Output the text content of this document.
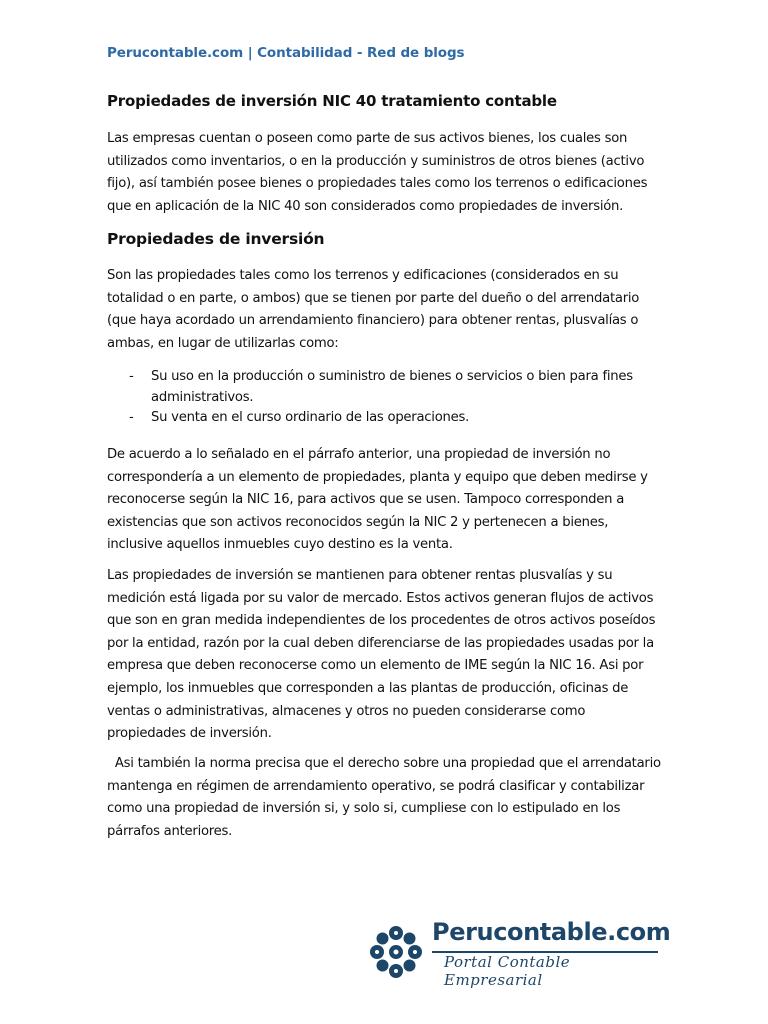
Perucontable.com | Contabilidad - Red de blogs
Propiedades de inversión NIC 40 tratamiento contable

Las empresas cuentan o poseen como parte de sus activos bienes, los cuales son utilizados como inventarios, o en la producción y suministros de otros bienes (activo fijo), así también posee bienes o propiedades tales como los terrenos o edificaciones que en aplicación de la NIC 40 son considerados como propiedades de inversión.

Propiedades de inversión

Son las propiedades tales como los terrenos y edificaciones (considerados en su totalidad o en parte, o ambos) que se tienen por parte del dueño o del arrendatario (que haya acordado un arrendamiento financiero) para obtener rentas, plusvalías o ambas, en lugar de utilizarlas como:

- Su uso en la producción o suministro de bienes o servicios o bien para fines administrativos.
- Su venta en el curso ordinario de las operaciones.

De acuerdo a lo señalado en el párrafo anterior, una propiedad de inversión no correspondería a un elemento de propiedades, planta y equipo que deben medirse y reconocerse según la NIC 16, para activos que se usen. Tampoco corresponden a existencias que son activos reconocidos según la NIC 2 y pertenecen a bienes, inclusive aquellos inmuebles cuyo destino es la venta.

Las propiedades de inversión se mantienen para obtener rentas plusvalías y su medición está ligada por su valor de mercado. Estos activos generan flujos de activos que son en gran medida independientes de los procedentes de otros activos poseídos por la entidad, razón por la cual deben diferenciarse de las propiedades usadas por la empresa que deben reconocerse como un elemento de IME según la NIC 16. Asi por ejemplo, los inmuebles que corresponden a las plantas de producción, oficinas de ventas o administrativas, almacenes y otros no pueden considerarse como propiedades de inversión.

Asi también la norma precisa que el derecho sobre una propiedad que el arrendatario mantenga en régimen de arrendamiento operativo, se podrá clasificar y contabilizar como una propiedad de inversión si, y solo si, cumpliese con lo estipulado en los párrafos anteriores.

Perucontable.com
Portal Contable Empresarial
